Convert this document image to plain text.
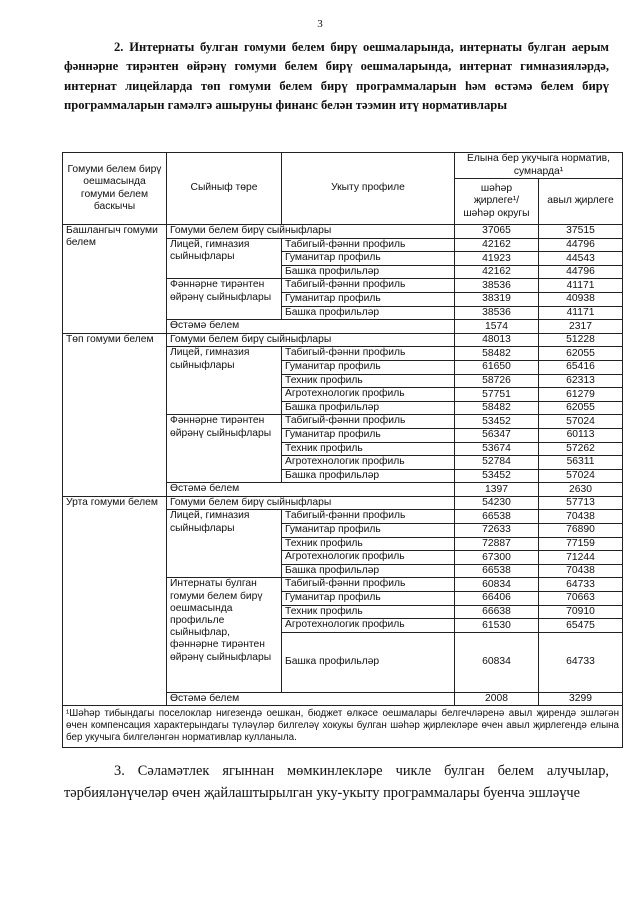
3

2. Интернаты булган гомуми белем бирү оешмаларында, интернаты булган аерым фәннәрне тирәнтен өйрәнү гомуми белем бирү оешмаларында, интернат гимназияләрдә, интернат лицейларда төп гомуми белем бирү программаларын һәм өстәмә белем бирү программаларын гамәлгә ашыруны финанс белән тәэмин итү нормативлары

Гомуми белем бирү оешмасында гомуми белем баскычы	Сыйныф төре	Укыту профиле	Елына бер укучыга норматив, сумнарда¹	
			шәһәр җирлеге¹/ шәһәр округы	авыл җирлеге
Башлангыч гомуми белем	Гомуми белем бирү сыйныфлары		37065	37515
	Лицей, гимназия сыйныфлары	Табигый-фәнни профиль	42162	44796
		Гуманитар профиль	41923	44543
		Башка профильләр	42162	44796
	Фәннәрне тирәнтен өйрәнү сыйныфлары	Табигый-фәнни профиль	38536	41171
		Гуманитар профиль	38319	40938
		Башка профильләр	38536	41171
	Өстәмә белем		1574	2317
Төп гомуми белем	Гомуми белем бирү сыйныфлары		48013	51228
	Лицей, гимназия сыйныфлары	Табигый-фәнни профиль	58482	62055
		Гуманитар профиль	61650	65416
		Техник профиль	58726	62313
		Агротехнологик профиль	57751	61279
		Башка профильләр	58482	62055
	Фәннәрне тирәнтен өйрәнү сыйныфлары	Табигый-фәнни профиль	53452	57024
		Гуманитар профиль	56347	60113
		Техник профиль	53674	57262
		Агротехнологик профиль	52784	56311
		Башка профильләр	53452	57024
	Өстәмә белем		1397	2630
Урта гомуми белем	Гомуми белем бирү сыйныфлары		54230	57713
	Лицей, гимназия сыйныфлары	Табигый-фәнни профиль	66538	70438
		Гуманитар профиль	72633	76890
		Техник профиль	72887	77159
		Агротехнологик профиль	67300	71244
		Башка профильләр	66538	70438
	Интернаты булган гомуми белем бирү оешмасында профильле сыйныфлар, фәннәрне тирәнтен өйрәнү сыйныфлары	Табигый-фәнни профиль	60834	64733
		Гуманитар профиль	66406	70663
		Техник профиль	66638	70910
		Агротехнологик профиль	61530	65475
		Башка профильләр	60834	64733
	Өстәмә белем		2008	3299
¹Шәһәр тибындагы поселоклар нигезендә оешкан, бюджет өлкәсе оешмалары белгечләренә авыл җирендә эшләгән өчен компенсация характерындагы түләүләр билгеләү хокукы булган шәһәр җирлекләре өчен авыл җирлегендә елына бер укучыга билгеләнгән нормативлар кулланыла.				

3. Сәламәтлек ягыннан мөмкинлекләре чикле булган белем алучылар, тәрбияләнүчеләр өчен җайлаштырылган уку-укыту программалары буенча эшләүче
